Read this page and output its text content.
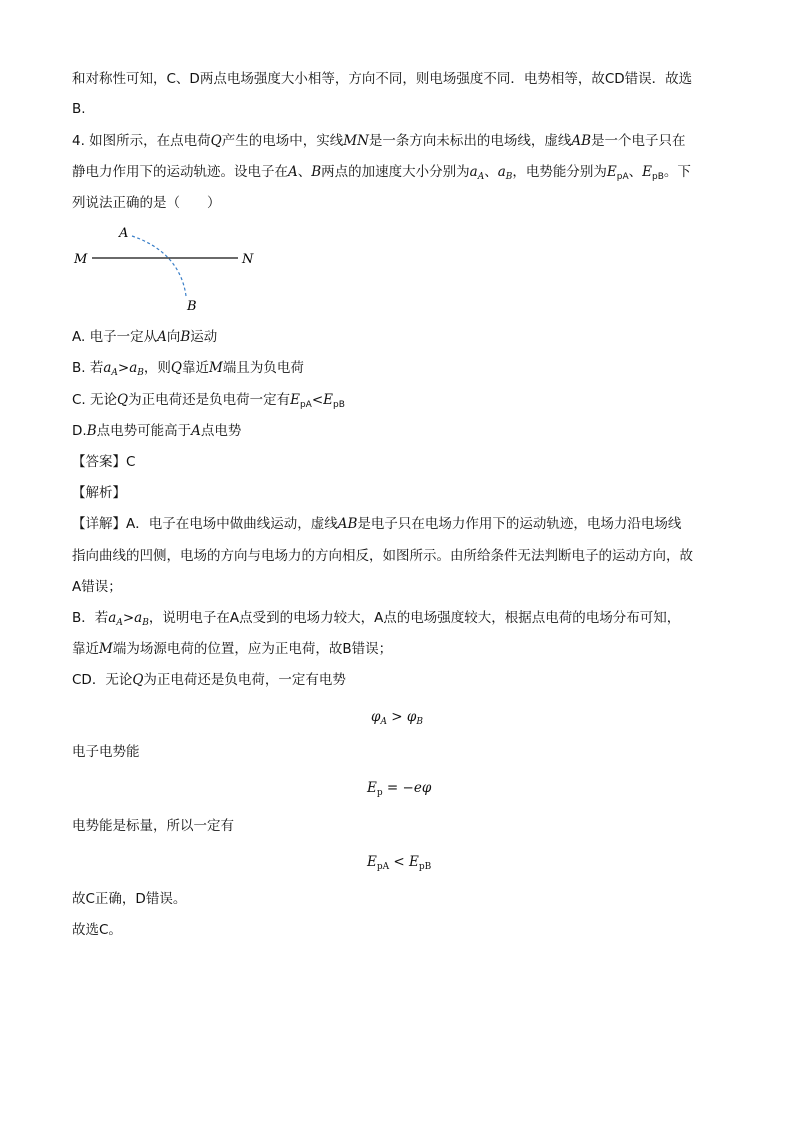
和对称性可知，C、D两点电场强度大小相等，方向不同，则电场强度不同．电势相等，故CD错误．故选
B.
4. 如图所示，在点电荷Q产生的电场中，实线MN是一条方向未标出的电场线，虚线AB是一个电子只在
静电力作用下的运动轨迹。设电子在A、B两点的加速度大小分别为$a_A$、$a_B$，电势能分别为$E_{pA}$、$E_{pB}$。下
列说法正确的是（　　）
A
B
M	N
A. 电子一定从A向B运动
B. 若$a_A>a_B$，则Q靠近M端且为负电荷
C. 无论Q为正电荷还是负电荷一定有$E_{pA}<E_{pB}$
D.B点电势可能高于A点电势
【答案】C
【解析】
【详解】A．电子在电场中做曲线运动，虚线AB是电子只在电场力作用下的运动轨迹，电场力沿电场线
指向曲线的凹侧，电场的方向与电场力的方向相反，如图所示。由所给条件无法判断电子的运动方向，故
A错误；
B．若$a_A>a_B$，说明电子在A点受到的电场力较大，A点的电场强度较大，根据点电荷的电场分布可知，
靠近M端为场源电荷的位置，应为正电荷，故B错误；
CD．无论Q为正电荷还是负电荷，一定有电势
$\varphi_A > \varphi_B$
电子电势能
$E_p = -e\varphi$
电势能是标量，所以一定有
$E_{pA} < E_{pB}$
故C正确，D错误。
故选C。
